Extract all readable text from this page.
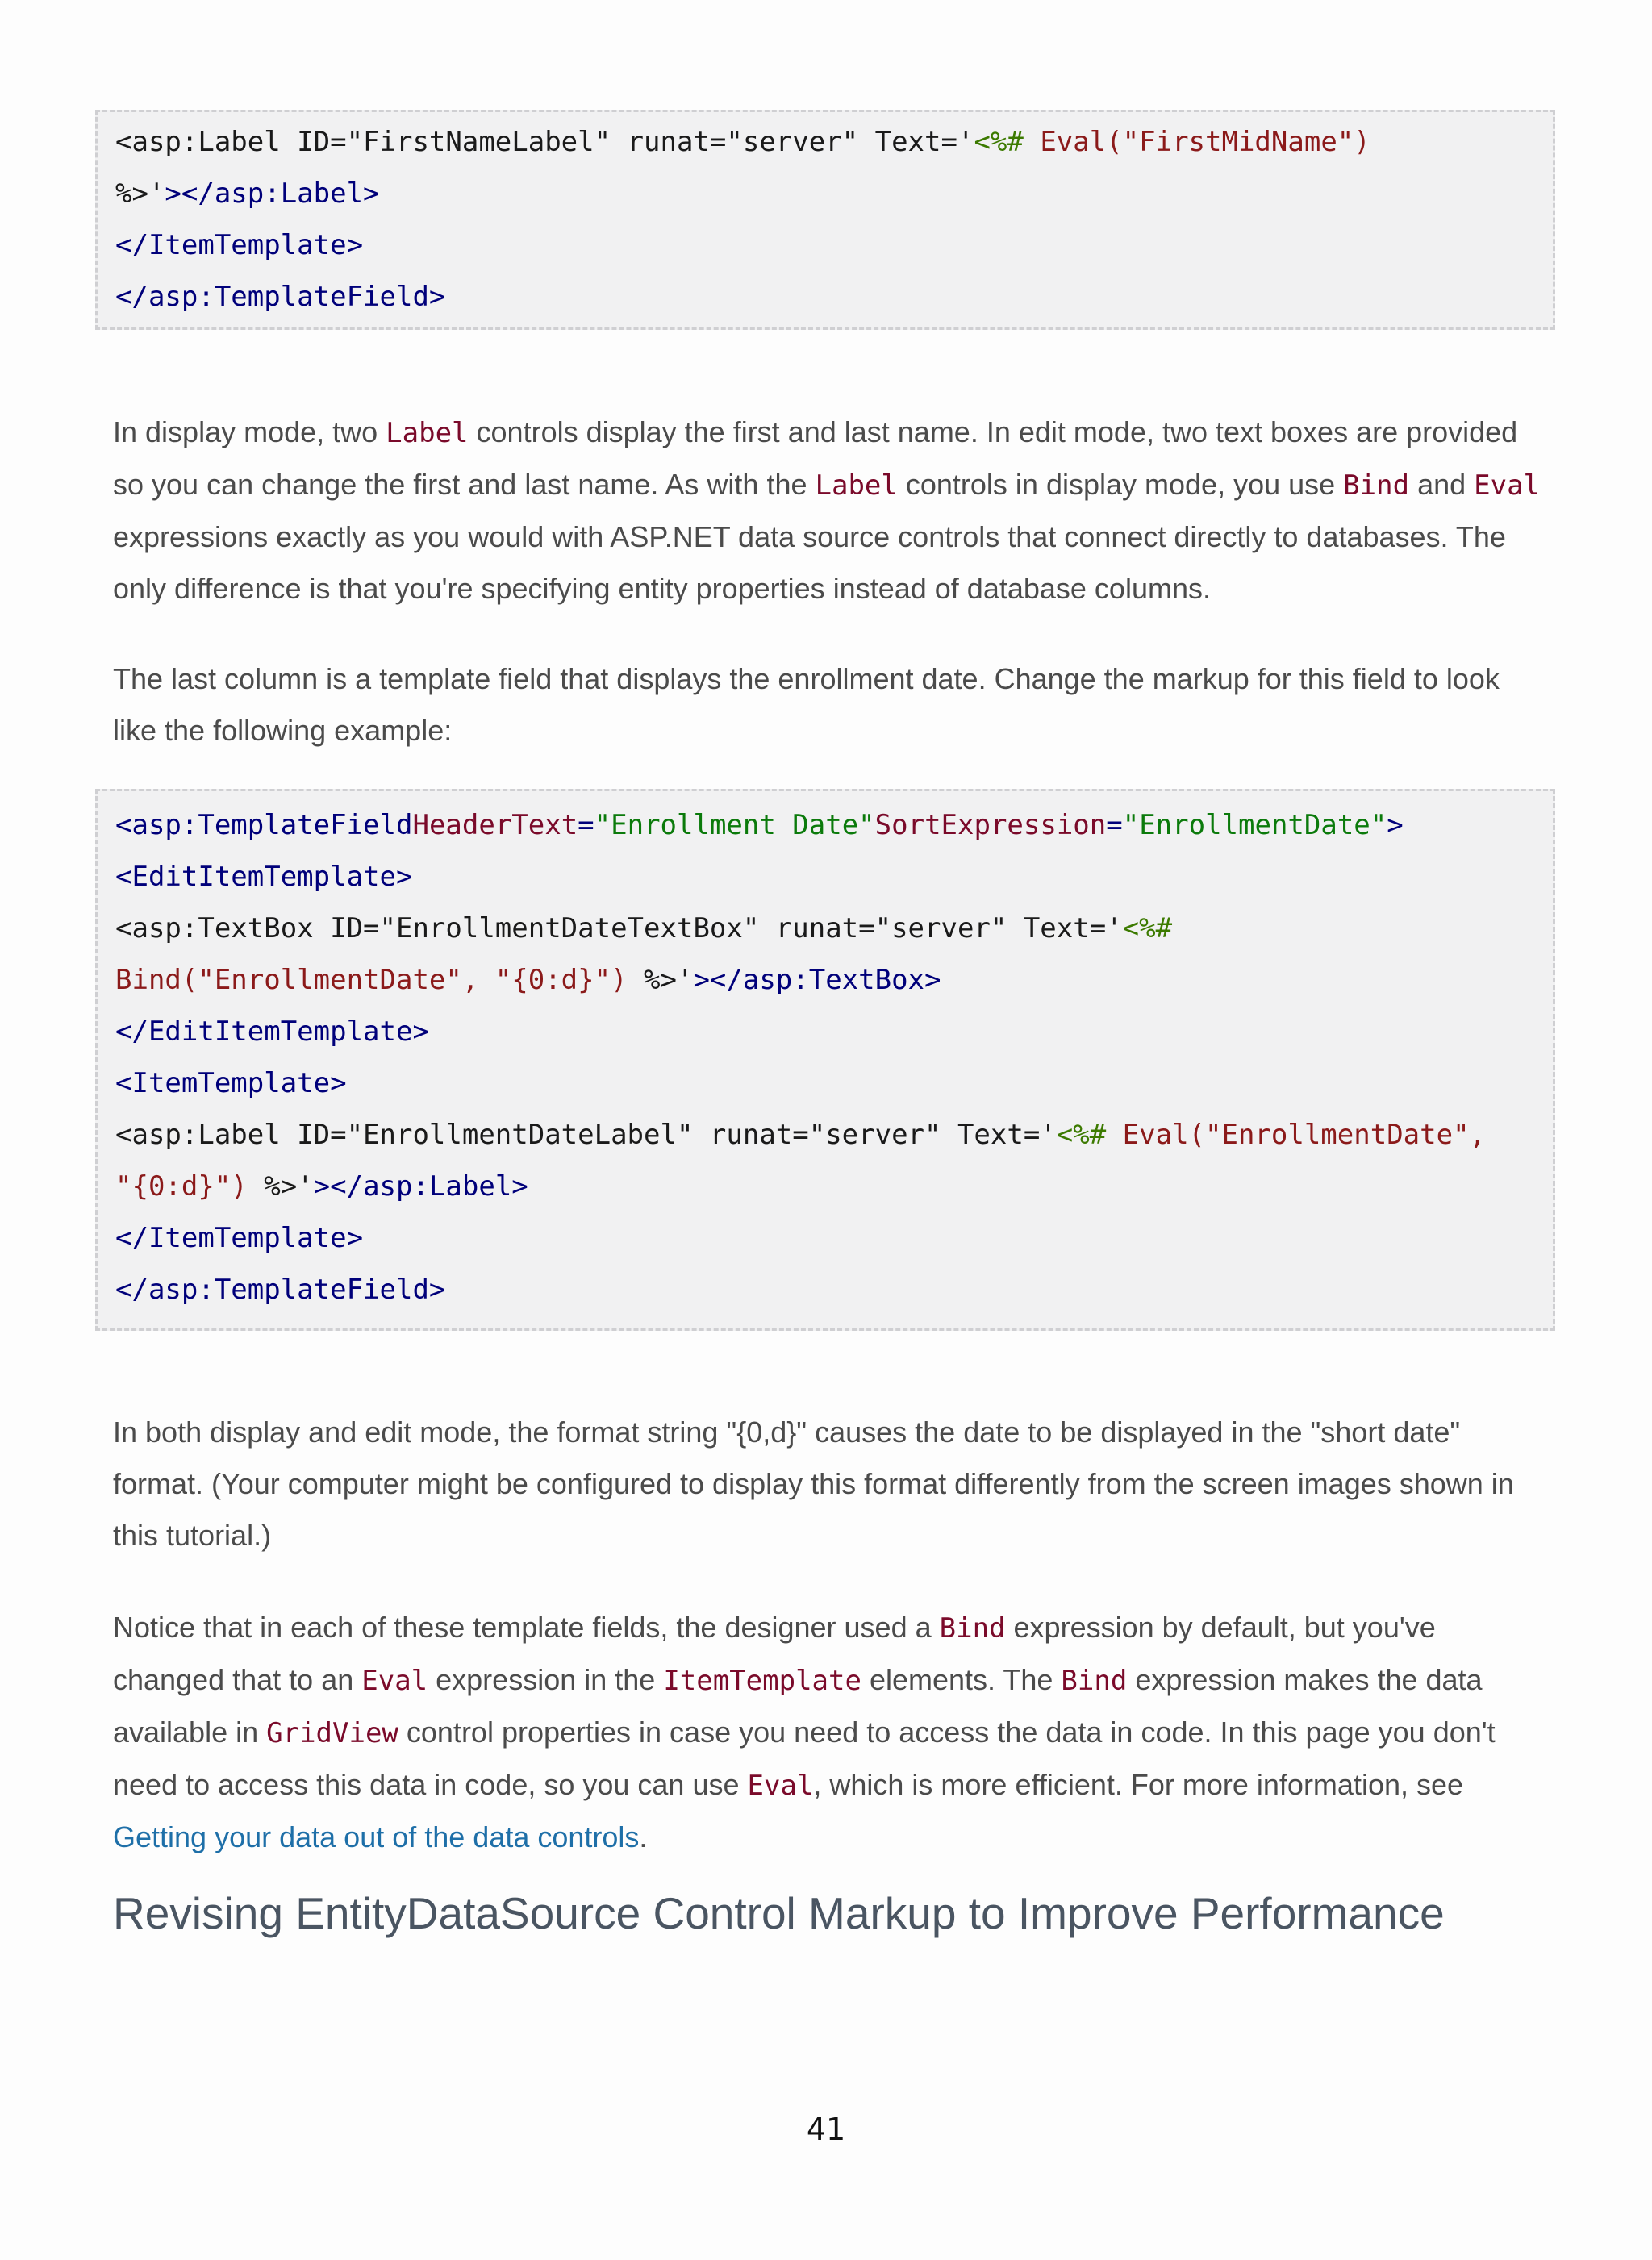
<asp:Label ID="FirstNameLabel" runat="server" Text='<%# Eval("FirstMidName")
%>'></asp:Label>
</ItemTemplate>
</asp:TemplateField>

In display mode, two Label controls display the first and last name. In edit mode, two text boxes are provided so you can change the first and last name. As with the Label controls in display mode, you use Bind and Eval expressions exactly as you would with ASP.NET data source controls that connect directly to databases. The only difference is that you're specifying entity properties instead of database columns.

The last column is a template field that displays the enrollment date. Change the markup for this field to look like the following example:

<asp:TemplateFieldHeaderText="Enrollment Date"SortExpression="EnrollmentDate">
<EditItemTemplate>
<asp:TextBox ID="EnrollmentDateTextBox" runat="server" Text='<%#
Bind("EnrollmentDate", "{0:d}") %>'></asp:TextBox>
</EditItemTemplate>
<ItemTemplate>
<asp:Label ID="EnrollmentDateLabel" runat="server" Text='<%# Eval("EnrollmentDate",
"{0:d}") %>'></asp:Label>
</ItemTemplate>
</asp:TemplateField>

In both display and edit mode, the format string "{0,d}" causes the date to be displayed in the "short date" format. (Your computer might be configured to display this format differently from the screen images shown in this tutorial.)

Notice that in each of these template fields, the designer used a Bind expression by default, but you've changed that to an Eval expression in the ItemTemplate elements. The Bind expression makes the data available in GridView control properties in case you need to access the data in code. In this page you don't need to access this data in code, so you can use Eval, which is more efficient. For more information, see Getting your data out of the data controls.

Revising EntityDataSource Control Markup to Improve Performance
41
